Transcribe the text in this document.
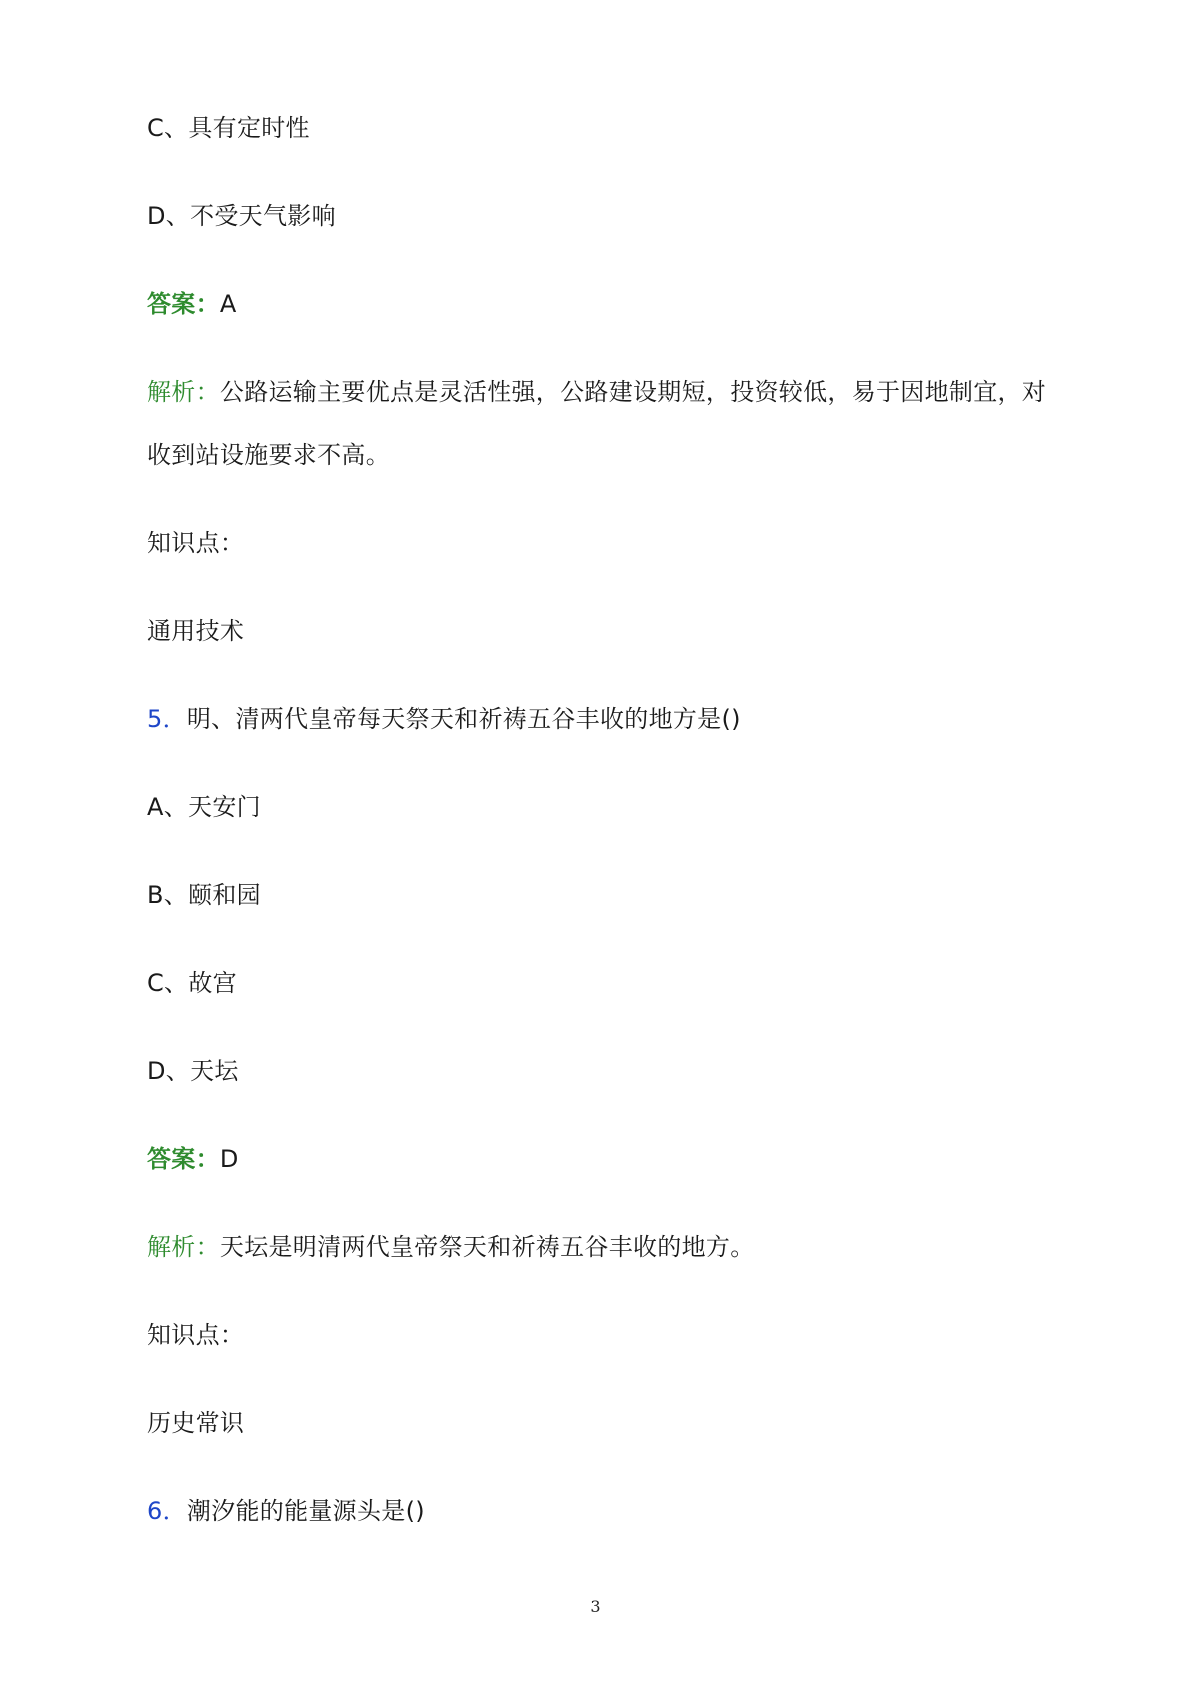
C、具有定时性
D、不受天气影响
答案：A
解析：公路运输主要优点是灵活性强，公路建设期短，投资较低，易于因地制宜，对
收到站设施要求不高。
知识点：
通用技术
5．明、清两代皇帝每天祭天和祈祷五谷丰收的地方是()
A、天安门
B、颐和园
C、故宫
D、天坛
答案：D
解析：天坛是明清两代皇帝祭天和祈祷五谷丰收的地方。
知识点：
历史常识
6．潮汐能的能量源头是()
3
